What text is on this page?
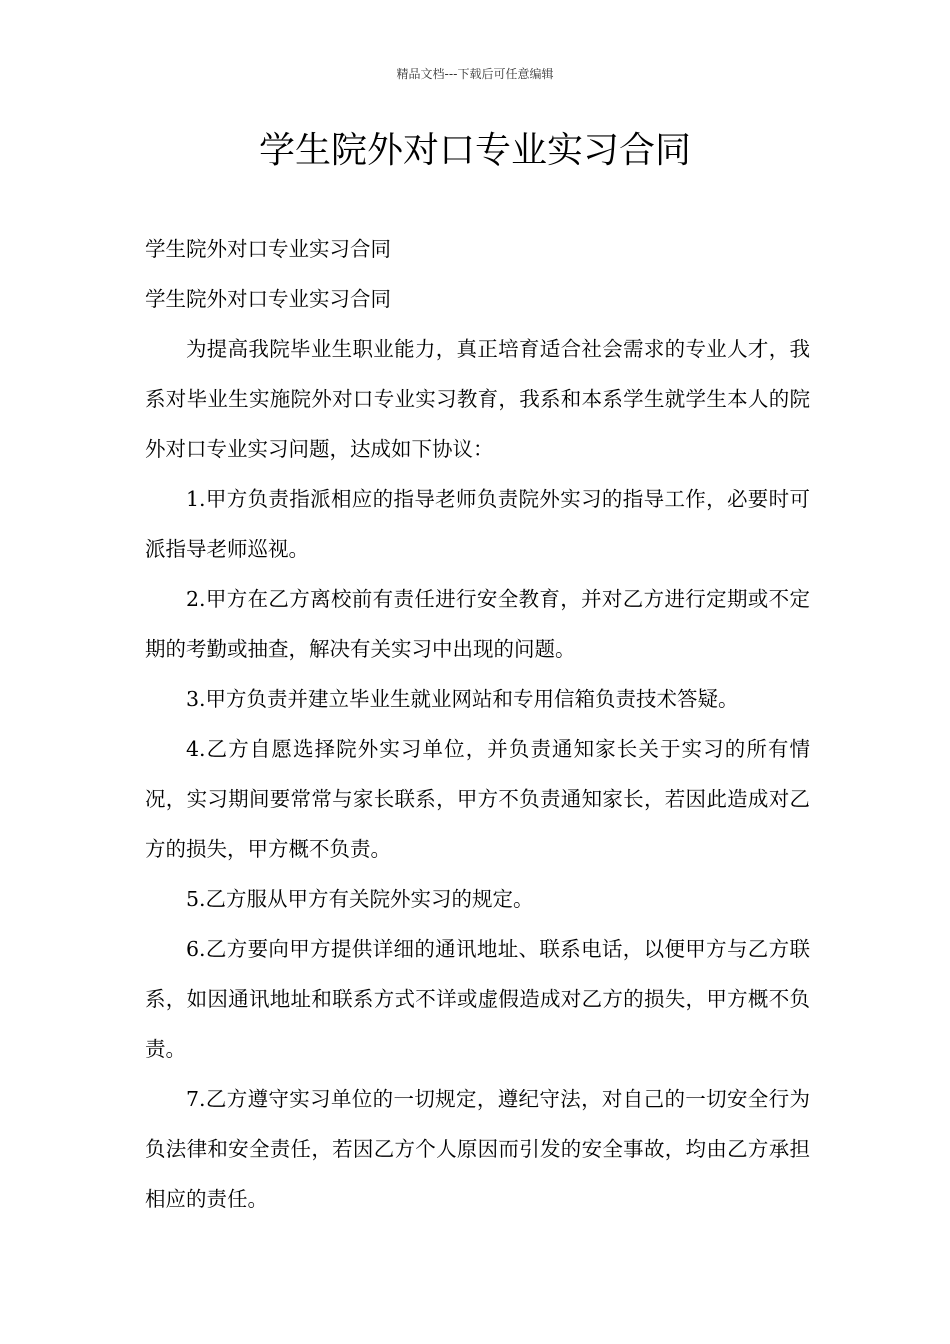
精品文档---下载后可任意编辑
学生院外对口专业实习合同

学生院外对口专业实习合同

学生院外对口专业实习合同

为提高我院毕业生职业能力，真正培育适合社会需求的专业人才，我系对毕业生实施院外对口专业实习教育，我系和本系学生就学生本人的院外对口专业实习问题，达成如下协议：

1.甲方负责指派相应的指导老师负责院外实习的指导工作，必要时可派指导老师巡视。

2.甲方在乙方离校前有责任进行安全教育，并对乙方进行定期或不定期的考勤或抽查，解决有关实习中出现的问题。

3.甲方负责并建立毕业生就业网站和专用信箱负责技术答疑。

4.乙方自愿选择院外实习单位，并负责通知家长关于实习的所有情况，实习期间要常常与家长联系，甲方不负责通知家长，若因此造成对乙方的损失，甲方概不负责。

5.乙方服从甲方有关院外实习的规定。

6.乙方要向甲方提供详细的通讯地址、联系电话，以便甲方与乙方联系，如因通讯地址和联系方式不详或虚假造成对乙方的损失，甲方概不负责。

7.乙方遵守实习单位的一切规定，遵纪守法，对自己的一切安全行为负法律和安全责任，若因乙方个人原因而引发的安全事故，均由乙方承担相应的责任。
